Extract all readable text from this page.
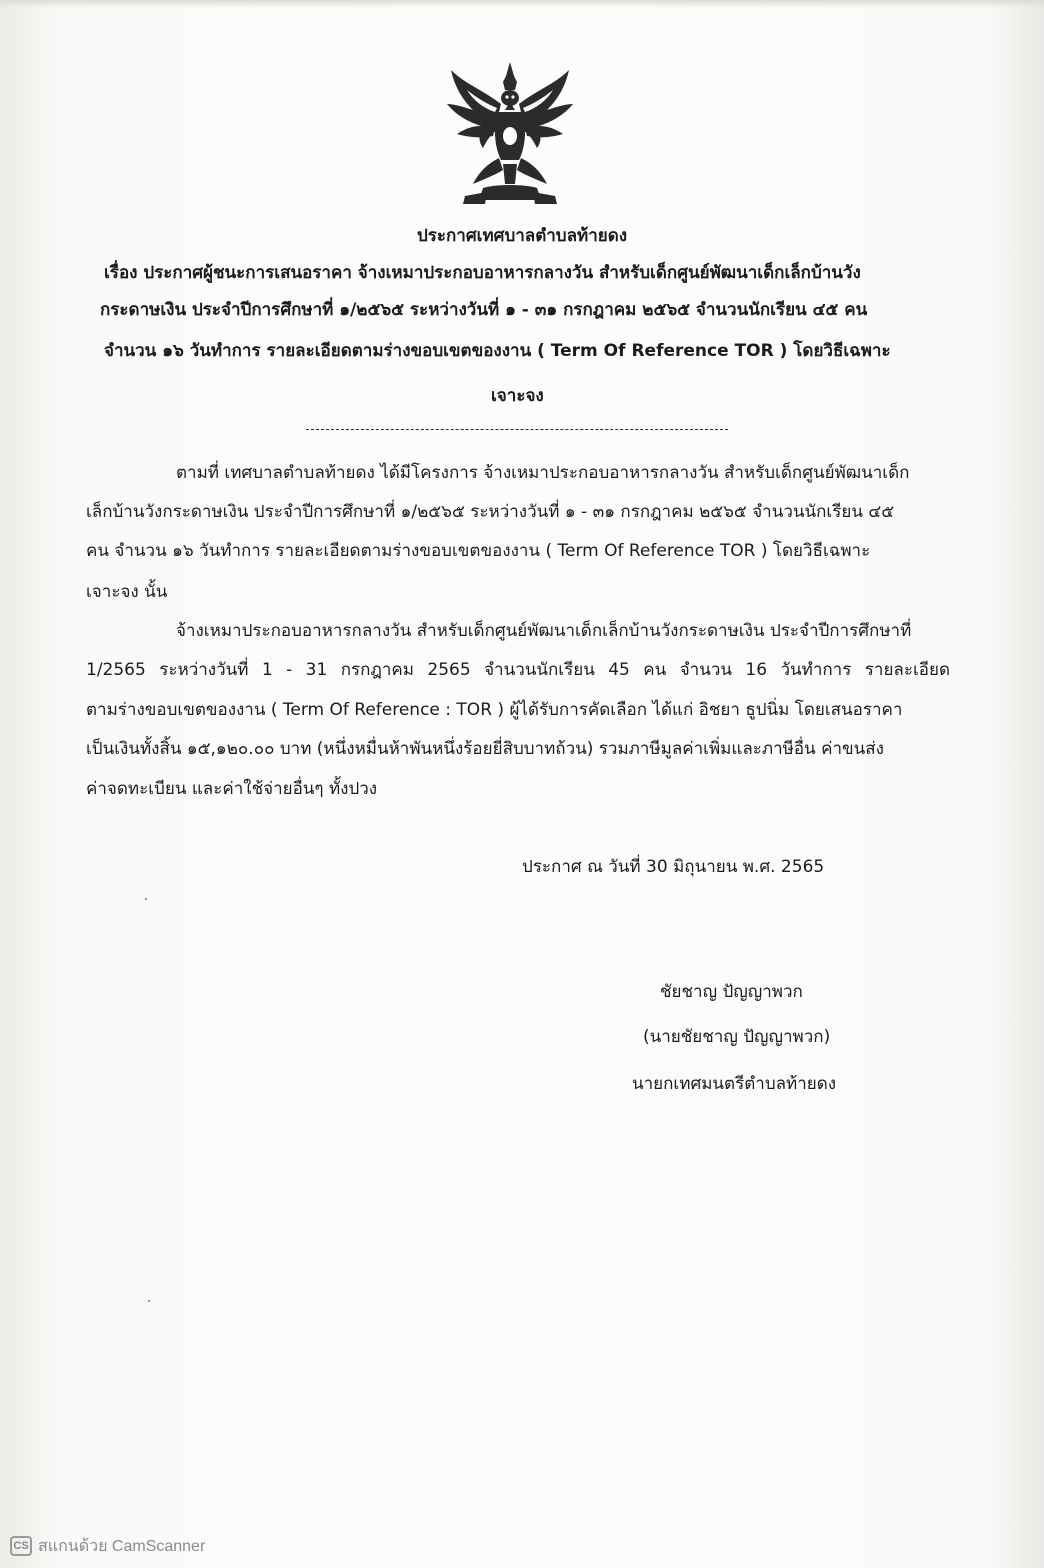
ประกาศเทศบาลตำบลท้ายดง
เรื่อง ประกาศผู้ชนะการเสนอราคา จ้างเหมาประกอบอาหารกลางวัน สำหรับเด็กศูนย์พัฒนาเด็กเล็กบ้านวัง
กระดาษเงิน ประจำปีการศึกษาที่ ๑/๒๕๖๕ ระหว่างวันที่ ๑ - ๓๑ กรกฎาคม ๒๕๖๕ จำนวนนักเรียน ๔๕ คน
จำนวน ๑๖ วันทำการ รายละเอียดตามร่างขอบเขตของงาน ( Term Of Reference TOR ) โดยวิธีเฉพาะ
เจาะจง
ตามที่ เทศบาลตำบลท้ายดง ได้มีโครงการ จ้างเหมาประกอบอาหารกลางวัน สำหรับเด็กศูนย์พัฒนาเด็ก
เล็กบ้านวังกระดาษเงิน ประจำปีการศึกษาที่ ๑/๒๕๖๕ ระหว่างวันที่ ๑ - ๓๑ กรกฎาคม ๒๕๖๕ จำนวนนักเรียน ๔๕
คน จำนวน ๑๖ วันทำการ รายละเอียดตามร่างขอบเขตของงาน ( Term Of Reference TOR ) โดยวิธีเฉพาะ
เจาะจง นั้น
จ้างเหมาประกอบอาหารกลางวัน สำหรับเด็กศูนย์พัฒนาเด็กเล็กบ้านวังกระดาษเงิน ประจำปีการศึกษาที่
1/2565 ระหว่างวันที่ 1 - 31 กรกฎาคม 2565 จำนวนนักเรียน 45 คน จำนวน 16 วันทำการ รายละเอียด
ตามร่างขอบเขตของงาน ( Term Of Reference : TOR ) ผู้ได้รับการคัดเลือก ได้แก่ อิชยา ธูปนิ่ม โดยเสนอราคา
เป็นเงินทั้งสิ้น ๑๕,๑๒๐.๐๐ บาท (หนึ่งหมื่นห้าพันหนึ่งร้อยยี่สิบบาทถ้วน) รวมภาษีมูลค่าเพิ่มและภาษีอื่น ค่าขนส่ง
ค่าจดทะเบียน และค่าใช้จ่ายอื่นๆ ทั้งปวง
ประกาศ ณ วันที่ 30 มิถุนายน พ.ศ. 2565
ชัยชาญ ปัญญาพวก
(นายชัยชาญ ปัญญาพวก)
นายกเทศมนตรีตำบลท้ายดง
CS สแกนด้วย CamScanner
